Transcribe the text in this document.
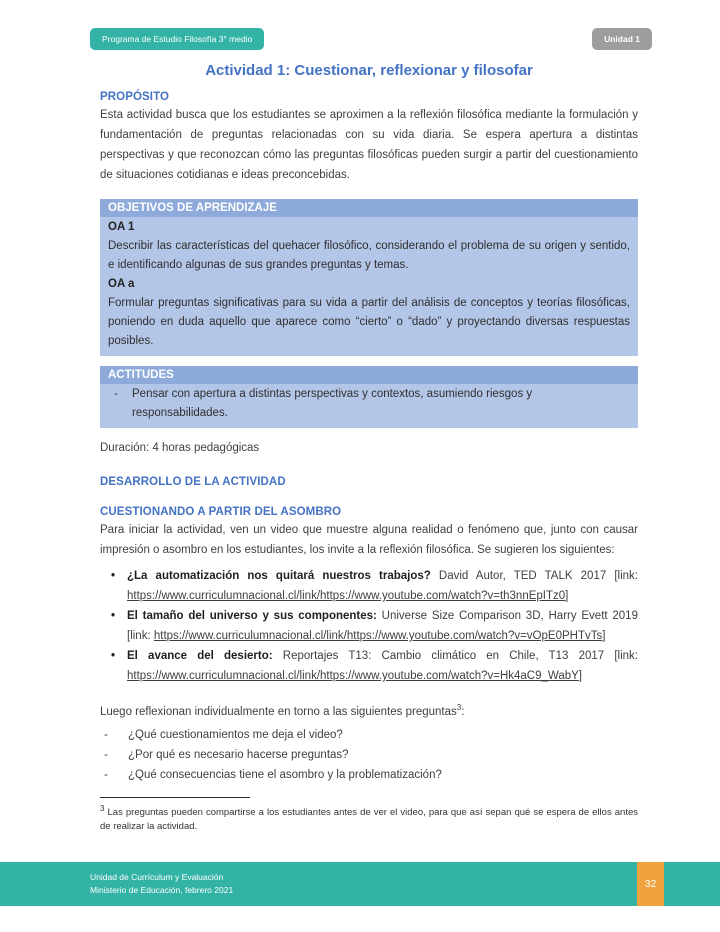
Programa de Estudio Filosofía 3° medio	Unidad 1
Actividad 1: Cuestionar, reflexionar y filosofar
PROPÓSITO

Esta actividad busca que los estudiantes se aproximen a la reflexión filosófica mediante la formulación y fundamentación de preguntas relacionadas con su vida diaria. Se espera apertura a distintas perspectivas y que reconozcan cómo las preguntas filosóficas pueden surgir a partir del cuestionamiento de situaciones cotidianas e ideas preconcebidas.

OBJETIVOS DE APRENDIZAJE
OA 1
Describir las características del quehacer filosófico, considerando el problema de su origen y sentido, e identificando algunas de sus grandes preguntas y temas.
OA a
Formular preguntas significativas para su vida a partir del análisis de conceptos y teorías filosóficas, poniendo en duda aquello que aparece como “cierto” o “dado” y proyectando diversas respuestas posibles.
ACTITUDES
- Pensar con apertura a distintas perspectivas y contextos, asumiendo riesgos y responsabilidades.

Duración: 4 horas pedagógicas

DESARROLLO DE LA ACTIVIDAD
CUESTIONANDO A PARTIR DEL ASOMBRO

Para iniciar la actividad, ven un video que muestre alguna realidad o fenómeno que, junto con causar impresión o asombro en los estudiantes, los invite a la reflexión filosófica. Se sugieren los siguientes:

• ¿La automatización nos quitará nuestros trabajos? David Autor, TED TALK 2017 [link: https://www.curriculumnacional.cl/link/https://www.youtube.com/watch?v=th3nnEpITz0]
• El tamaño del universo y sus componentes: Universe Size Comparison 3D, Harry Evett 2019 [link: https://www.curriculumnacional.cl/link/https://www.youtube.com/watch?v=vOpE0PHTvTs]
• El avance del desierto: Reportajes T13: Cambio climático en Chile, T13 2017 [link: https://www.curriculumnacional.cl/link/https://www.youtube.com/watch?v=Hk4aC9_WabY]

Luego reflexionan individualmente en torno a las siguientes preguntas$^3$:

- ¿Qué cuestionamientos me deja el video?
- ¿Por qué es necesario hacerse preguntas?
- ¿Qué consecuencias tiene el asombro y la problematización?

$^3$ Las preguntas pueden compartirse a los estudiantes antes de ver el video, para que así sepan qué se espera de ellos antes de realizar la actividad.

Unidad de Currículum y Evaluación
Ministerio de Educación, febrero 2021	32
